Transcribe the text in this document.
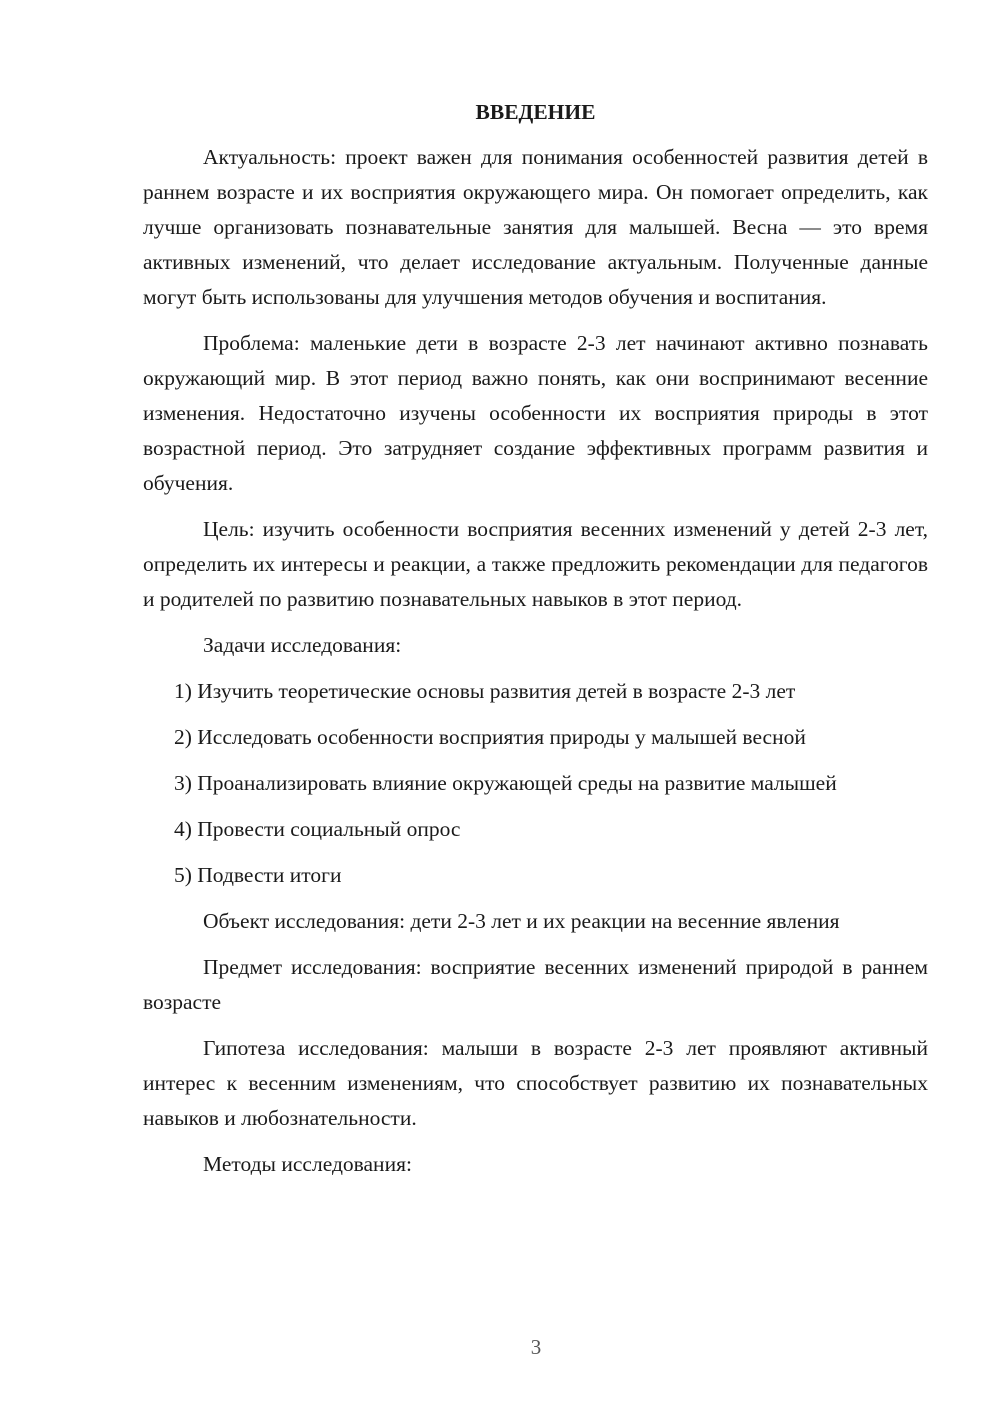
ВВЕДЕНИЕ

Актуальность: проект важен для понимания особенностей развития детей в раннем возрасте и их восприятия окружающего мира. Он помогает определить, как лучше организовать познавательные занятия для малышей. Весна — это время активных изменений, что делает исследование актуальным. Полученные данные могут быть использованы для улучшения методов обучения и воспитания.

Проблема: маленькие дети в возрасте 2-3 лет начинают активно познавать окружающий мир. В этот период важно понять, как они воспринимают весенние изменения. Недостаточно изучены особенности их восприятия природы в этот возрастной период. Это затрудняет создание эффективных программ развития и обучения.

Цель: изучить особенности восприятия весенних изменений у детей 2-3 лет, определить их интересы и реакции, а также предложить рекомендации для педагогов и родителей по развитию познавательных навыков в этот период.

Задачи исследования:

1) Изучить теоретические основы развития детей в возрасте 2-3 лет

2) Исследовать особенности восприятия природы у малышей весной

3) Проанализировать влияние окружающей среды на развитие малышей

4) Провести социальный опрос

5) Подвести итоги

Объект исследования: дети 2-3 лет и их реакции на весенние явления

Предмет исследования: восприятие весенних изменений природой в раннем возрасте

Гипотеза исследования: малыши в возрасте 2-3 лет проявляют активный интерес к весенним изменениям, что способствует развитию их познавательных навыков и любознательности.

Методы исследования:

3
